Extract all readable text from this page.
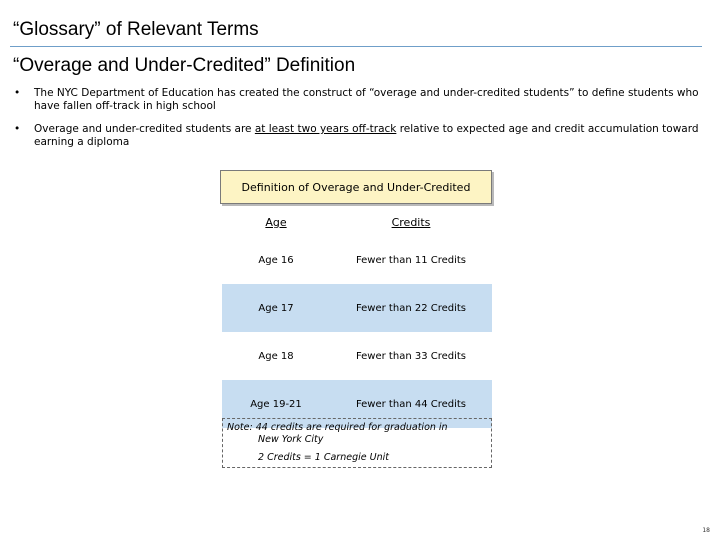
“Glossary” of Relevant Terms
“Overage and Under-Credited” Definition
• The NYC Department of Education has created the construct of “overage and under-credited students” to define students who have fallen off-track in high school
• Overage and under-credited students are at least two years off-track relative to expected age and credit accumulation toward earning a diploma
Definition of Overage and Under-Credited
Age	Credits
Age 16	Fewer than 11 Credits
Age 17	Fewer than 22 Credits
Age 18	Fewer than 33 Credits
Age 19-21	Fewer than 44 Credits
Note: 44 credits are required for graduation in
New York City
2 Credits = 1 Carnegie Unit
18
